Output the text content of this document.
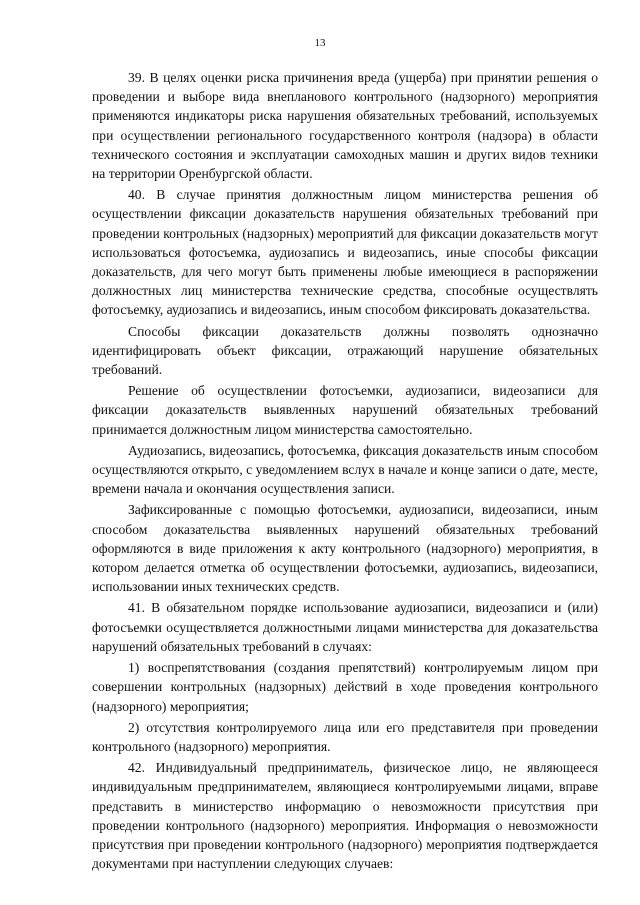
13

39. В целях оценки риска причинения вреда (ущерба) при принятии решения о проведении и выборе вида внепланового контрольного (надзорного) мероприятия применяются индикаторы риска нарушения обязательных требований, используемых при осуществлении регионального государственного контроля (надзора) в области технического состояния и эксплуатации самоходных машин и других видов техники на территории Оренбургской области.

40. В случае принятия должностным лицом министерства решения об осуществлении фиксации доказательств нарушения обязательных требований при проведении контрольных (надзорных) мероприятий для фиксации доказательств могут использоваться фотосъемка, аудиозапись и видеозапись, иные способы фиксации доказательств, для чего могут быть применены любые имеющиеся в распоряжении должностных лиц министерства технические средства, способные осуществлять фотосъемку, аудиозапись и видеозапись, иным способом фиксировать доказательства.

Способы фиксации доказательств должны позволять однозначно идентифицировать объект фиксации, отражающий нарушение обязательных требований.

Решение об осуществлении фотосъемки, аудиозаписи, видеозаписи для фиксации доказательств выявленных нарушений обязательных требований принимается должностным лицом министерства самостоятельно.

Аудиозапись, видеозапись, фотосъемка, фиксация доказательств иным способом осуществляются открыто, с уведомлением вслух в начале и конце записи о дате, месте, времени начала и окончания осуществления записи.

Зафиксированные с помощью фотосъемки, аудиозаписи, видеозаписи, иным способом доказательства выявленных нарушений обязательных требований оформляются в виде приложения к акту контрольного (надзорного) мероприятия, в котором делается отметка об осуществлении фотосъемки, аудиозапись, видеозаписи, использовании иных технических средств.

41. В обязательном порядке использование аудиозаписи, видеозаписи и (или) фотосъемки осуществляется должностными лицами министерства для доказательства нарушений обязательных требований в случаях:

1) воспрепятствования (создания препятствий) контролируемым лицом при совершении контрольных (надзорных) действий в ходе проведения контрольного (надзорного) мероприятия;

2) отсутствия контролируемого лица или его представителя при проведении контрольного (надзорного) мероприятия.

42. Индивидуальный предприниматель, физическое лицо, не являющееся индивидуальным предпринимателем, являющиеся контролируемыми лицами, вправе представить в министерство информацию о невозможности присутствия при проведении контрольного (надзорного) мероприятия. Информация о невозможности присутствия при проведении контрольного (надзорного) мероприятия подтверждается документами при наступлении следующих случаев:
